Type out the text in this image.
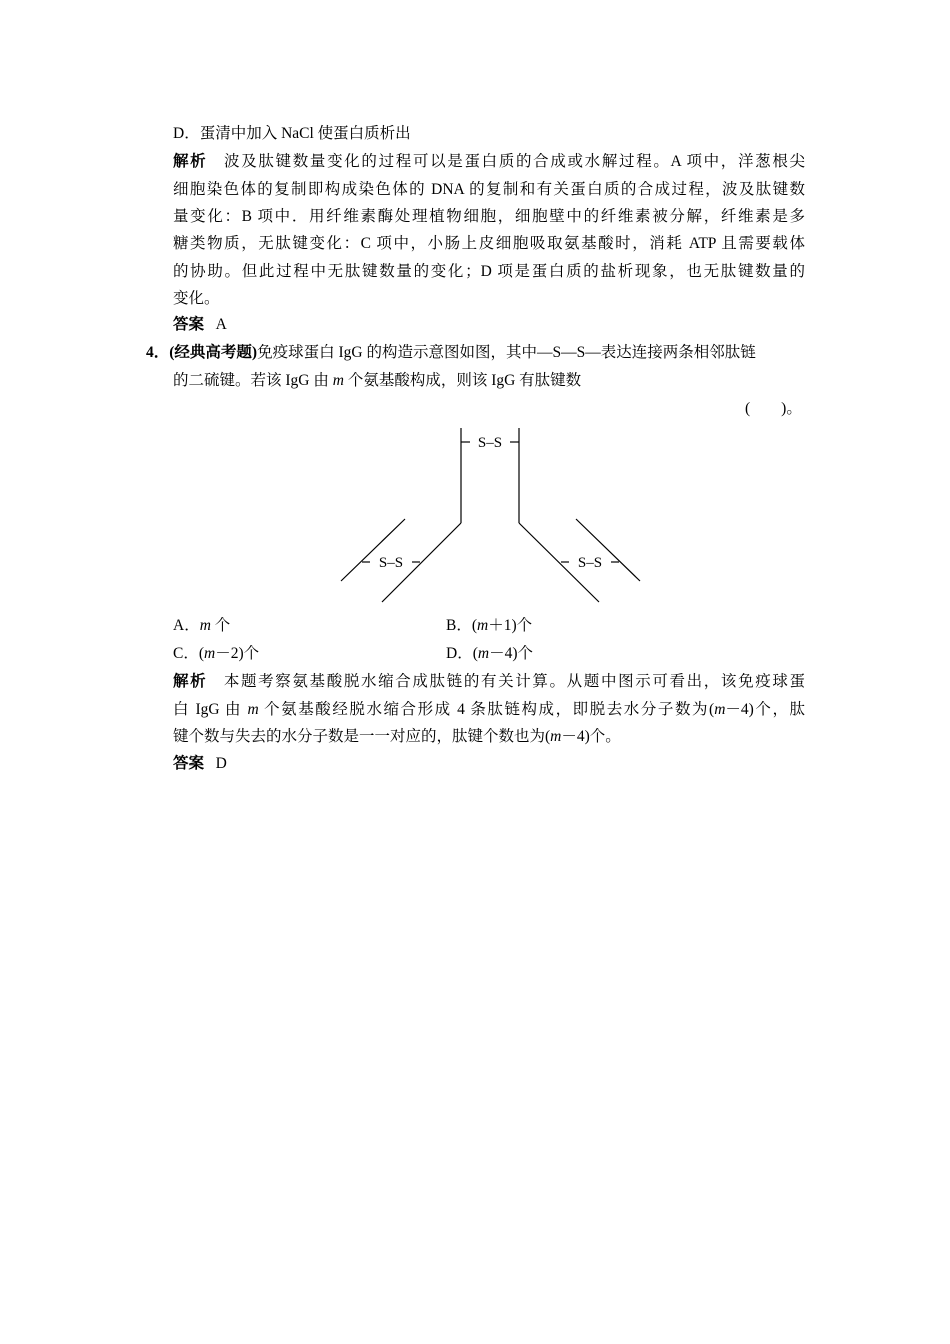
D．蛋清中加入 NaCl 使蛋白质析出
解析 波及肽键数量变化的过程可以是蛋白质的合成或水解过程。A 项中，洋葱根尖
细胞染色体的复制即构成染色体的 DNA 的复制和有关蛋白质的合成过程，波及肽键数
量变化：B 项中．用纤维素酶处理植物细胞，细胞壁中的纤维素被分解，纤维素是多
糖类物质，无肽键变化：C 项中，小肠上皮细胞吸取氨基酸时，消耗 ATP 且需要载体
的协助。但此过程中无肽键数量的变化；D 项是蛋白质的盐析现象，也无肽键数量的
变化。
答案 A
4．(经典高考题)免疫球蛋白 IgG 的构造示意图如图，其中—S—S—表达连接两条相邻肽链
的二硫键。若该 IgG 由 m 个氨基酸构成，则该 IgG 有肽键数
(　　)。
S–S
S–S	S–S
A．m 个	B．(m＋1)个
C．(m－2)个	D．(m－4)个
解析 本题考察氨基酸脱水缩合成肽链的有关计算。从题中图示可看出，该免疫球蛋
白 IgG 由 m 个氨基酸经脱水缩合形成 4 条肽链构成，即脱去水分子数为(m－4)个，肽
键个数与失去的水分子数是一一对应的，肽键个数也为(m－4)个。
答案 D
